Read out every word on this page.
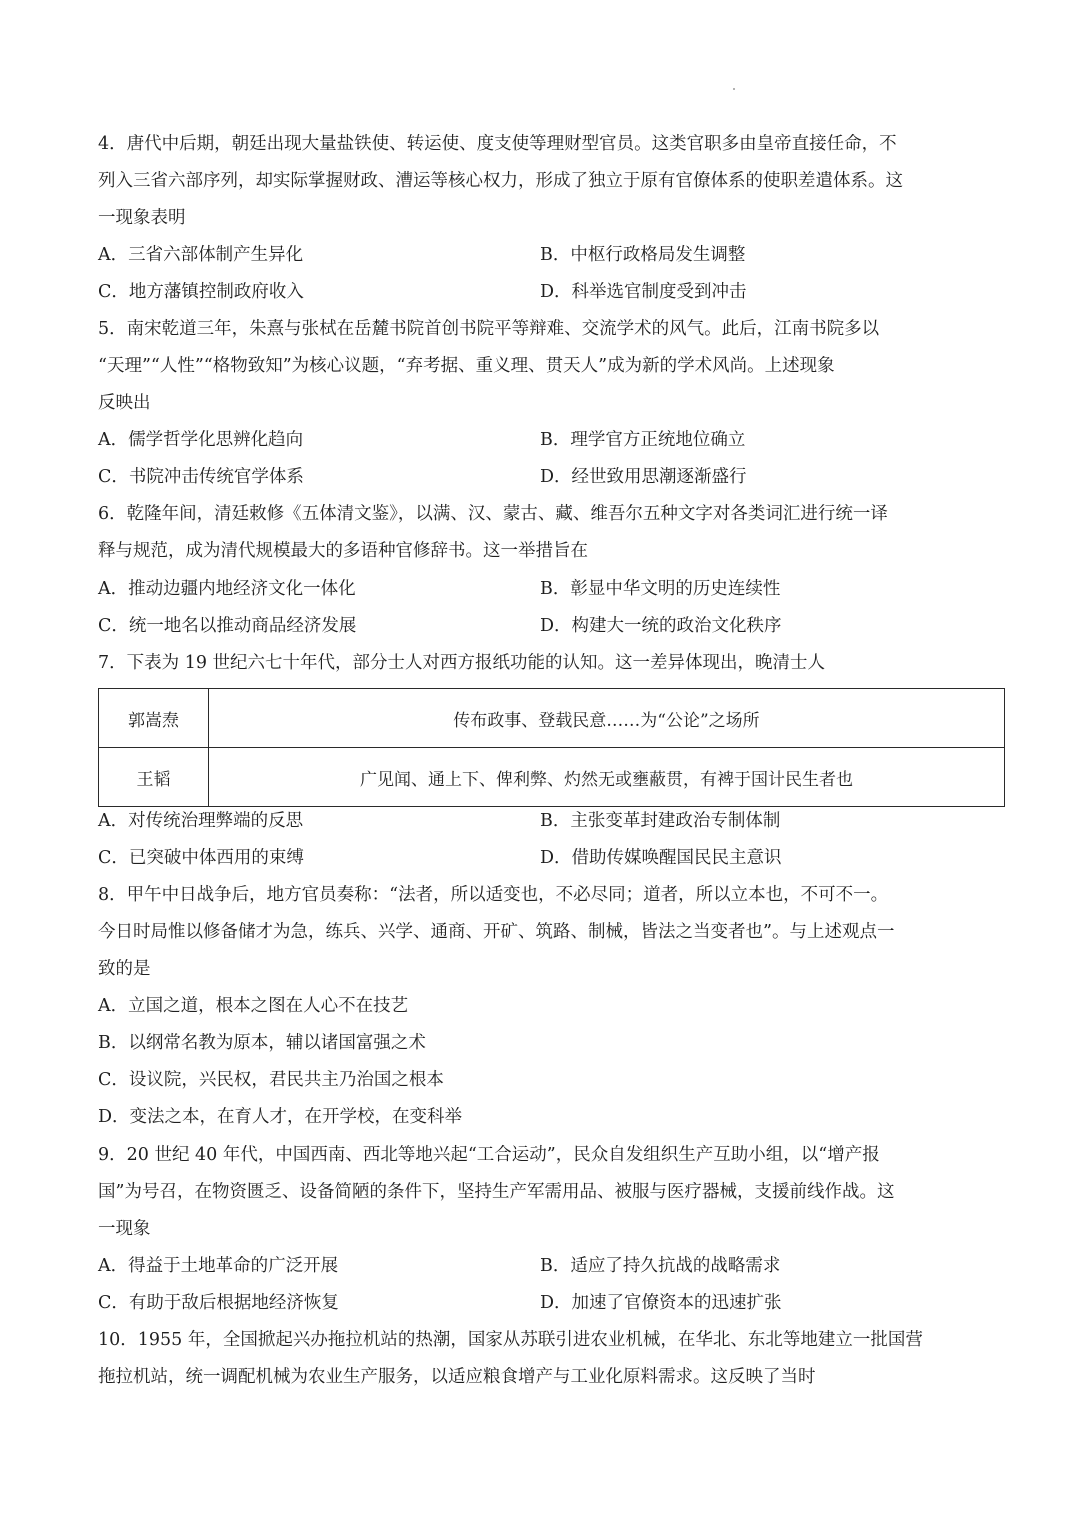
4．唐代中后期，朝廷出现大量盐铁使、转运使、度支使等理财型官员。这类官职多由皇帝直接任命，不
列入三省六部序列，却实际掌握财政、漕运等核心权力，形成了独立于原有官僚体系的使职差遣体系。这
一现象表明
A．三省六部体制产生异化	B．中枢行政格局发生调整
C．地方藩镇控制政府收入	D．科举选官制度受到冲击
5．南宋乾道三年，朱熹与张栻在岳麓书院首创书院平等辩难、交流学术的风气。此后，江南书院多以
“天理”“人性”“格物致知”为核心议题，“弃考据、重义理、贯天人”成为新的学术风尚。上述现象
反映出
A．儒学哲学化思辨化趋向	B．理学官方正统地位确立
C．书院冲击传统官学体系	D．经世致用思潮逐渐盛行
6．乾隆年间，清廷敕修《五体清文鉴》，以满、汉、蒙古、藏、维吾尔五种文字对各类词汇进行统一译
释与规范，成为清代规模最大的多语种官修辞书。这一举措旨在
A．推动边疆内地经济文化一体化	B．彰显中华文明的历史连续性
C．统一地名以推动商品经济发展	D．构建大一统的政治文化秩序
7．下表为 19 世纪六七十年代，部分士人对西方报纸功能的认知。这一差异体现出，晚清士人
郭嵩焘	传布政事、登载民意……为“公论”之场所
王韬	广见闻、通上下、俾利弊、灼然无或壅蔽贯，有裨于国计民生者也
A．对传统治理弊端的反思	B．主张变革封建政治专制体制
C．已突破中体西用的束缚	D．借助传媒唤醒国民民主意识
8．甲午中日战争后，地方官员奏称：“法者，所以适变也，不必尽同；道者，所以立本也，不可不一。
今日时局惟以修备储才为急，练兵、兴学、通商、开矿、筑路、制械，皆法之当变者也”。与上述观点一
致的是
A．立国之道，根本之图在人心不在技艺
B．以纲常名教为原本，辅以诸国富强之术
C．设议院，兴民权，君民共主乃治国之根本
D．变法之本，在育人才，在开学校，在变科举
9．20 世纪 40 年代，中国西南、西北等地兴起“工合运动”，民众自发组织生产互助小组，以“增产报
国”为号召，在物资匮乏、设备简陋的条件下，坚持生产军需用品、被服与医疗器械，支援前线作战。这
一现象
A．得益于土地革命的广泛开展	B．适应了持久抗战的战略需求
C．有助于敌后根据地经济恢复	D．加速了官僚资本的迅速扩张
10．1955 年，全国掀起兴办拖拉机站的热潮，国家从苏联引进农业机械，在华北、东北等地建立一批国营
拖拉机站，统一调配机械为农业生产服务，以适应粮食增产与工业化原料需求。这反映了当时
